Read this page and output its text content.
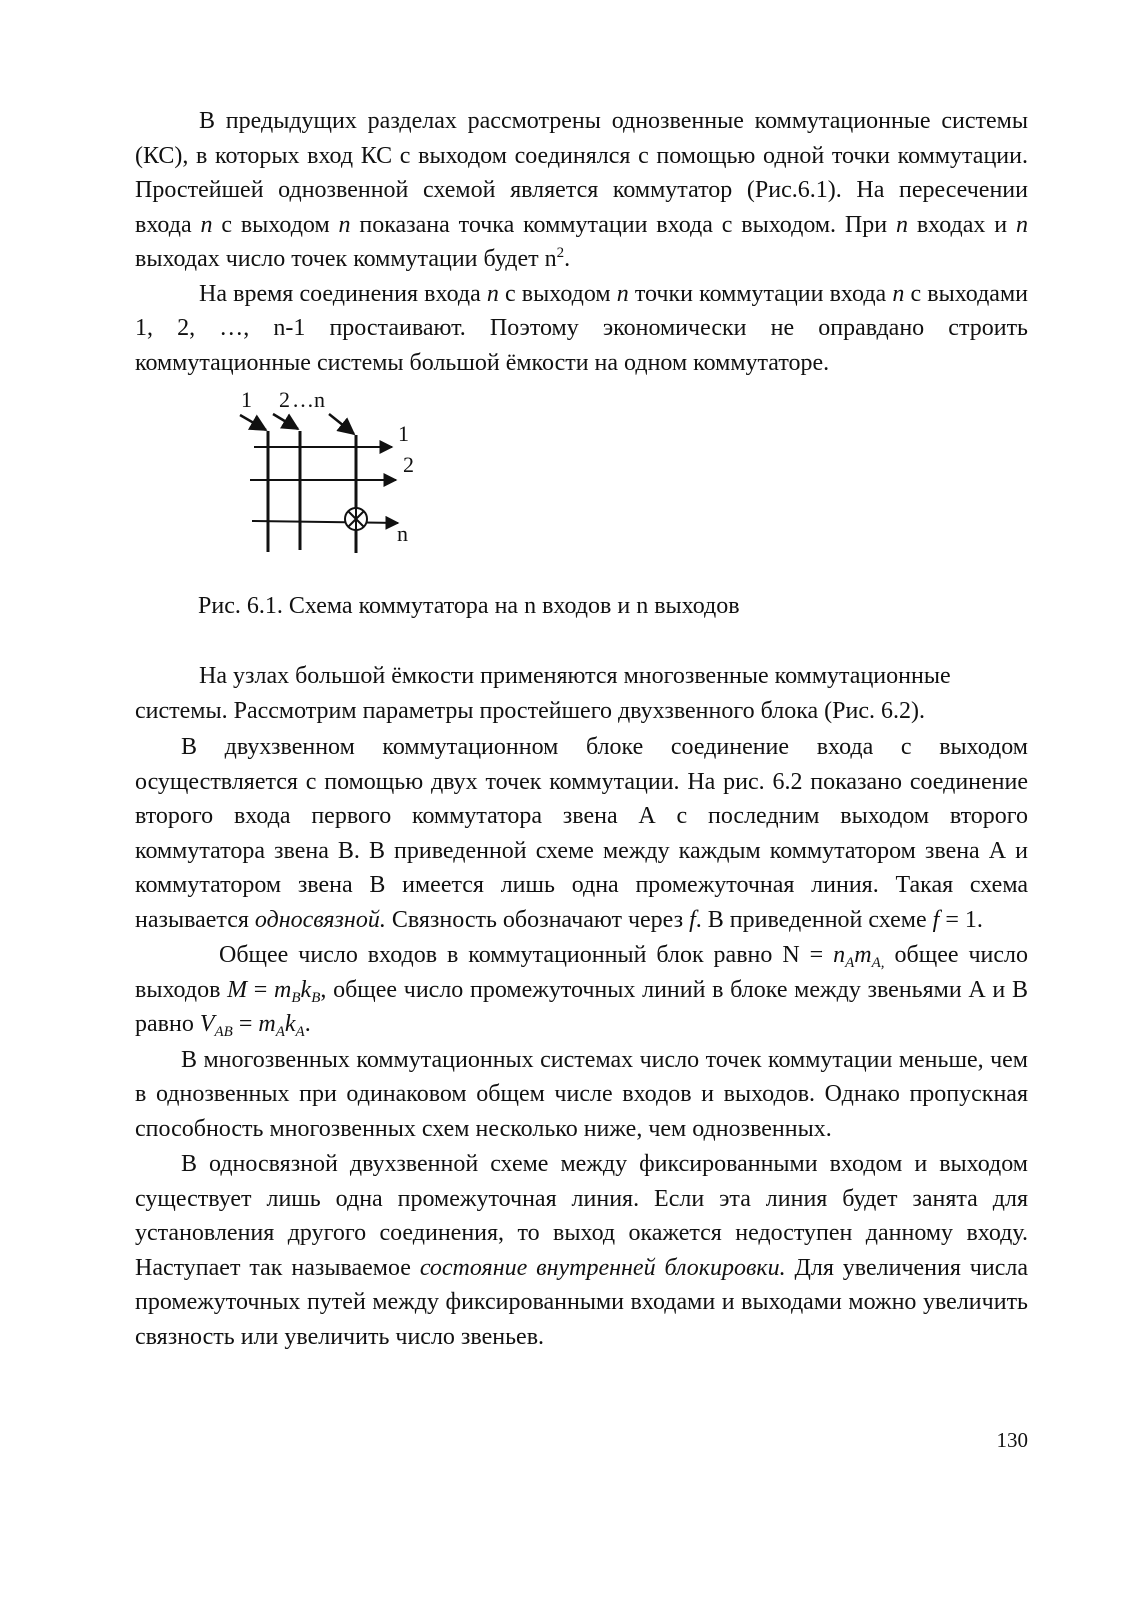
В предыдущих разделах рассмотрены однозвенные коммутационные системы (КС), в которых вход КС с выходом соединялся с помощью одной точки коммутации. Простейшей однозвенной схемой является коммутатор (Рис.6.1). На пересечении входа n с выходом n показана точка коммутации входа с выходом. При n входах и n выходах число точек коммутации будет $n^2$.

На время соединения входа n с выходом n точки коммутации входа n с выходами 1, 2, …, n-1 простаивают. Поэтому экономически не оправдано строить коммутационные системы большой ёмкости на одном коммутаторе.

1 2 …n
1
2
n

Рис. 6.1. Схема коммутатора на n входов и n выходов

На узлах большой ёмкости применяются многозвенные коммутационные системы. Рассмотрим параметры простейшего двухзвенного блока (Рис. 6.2).

В двухзвенном коммутационном блоке соединение входа с выходом осуществляется с помощью двух точек коммутации. На рис. 6.2 показано соединение второго входа первого коммутатора звена А с последним выходом второго коммутатора звена В. В приведенной схеме между каждым коммутатором звена А и коммутатором звена В имеется лишь одна промежуточная линия. Такая схема называется односвязной. Связность обозначают через f. В приведенной схеме f = 1.

Общее число входов в коммутационный блок равно $N = n_Am_{A,}$ общее число выходов $M = m_Bk_B$, общее число промежуточных линий в блоке между звеньями А и В равно $V_{AB} = m_Ak_A$.

В многозвенных коммутационных системах число точек коммутации меньше, чем в однозвенных при одинаковом общем числе входов и выходов. Однако пропускная способность многозвенных схем несколько ниже, чем однозвенных.

В односвязной двухзвенной схеме между фиксированными входом и выходом существует лишь одна промежуточная линия. Если эта линия будет занята для установления другого соединения, то выход окажется недоступен данному входу. Наступает так называемое состояние внутренней блокировки. Для увеличения числа промежуточных путей между фиксированными входами и выходами можно увеличить связность или увеличить число звеньев.

130
